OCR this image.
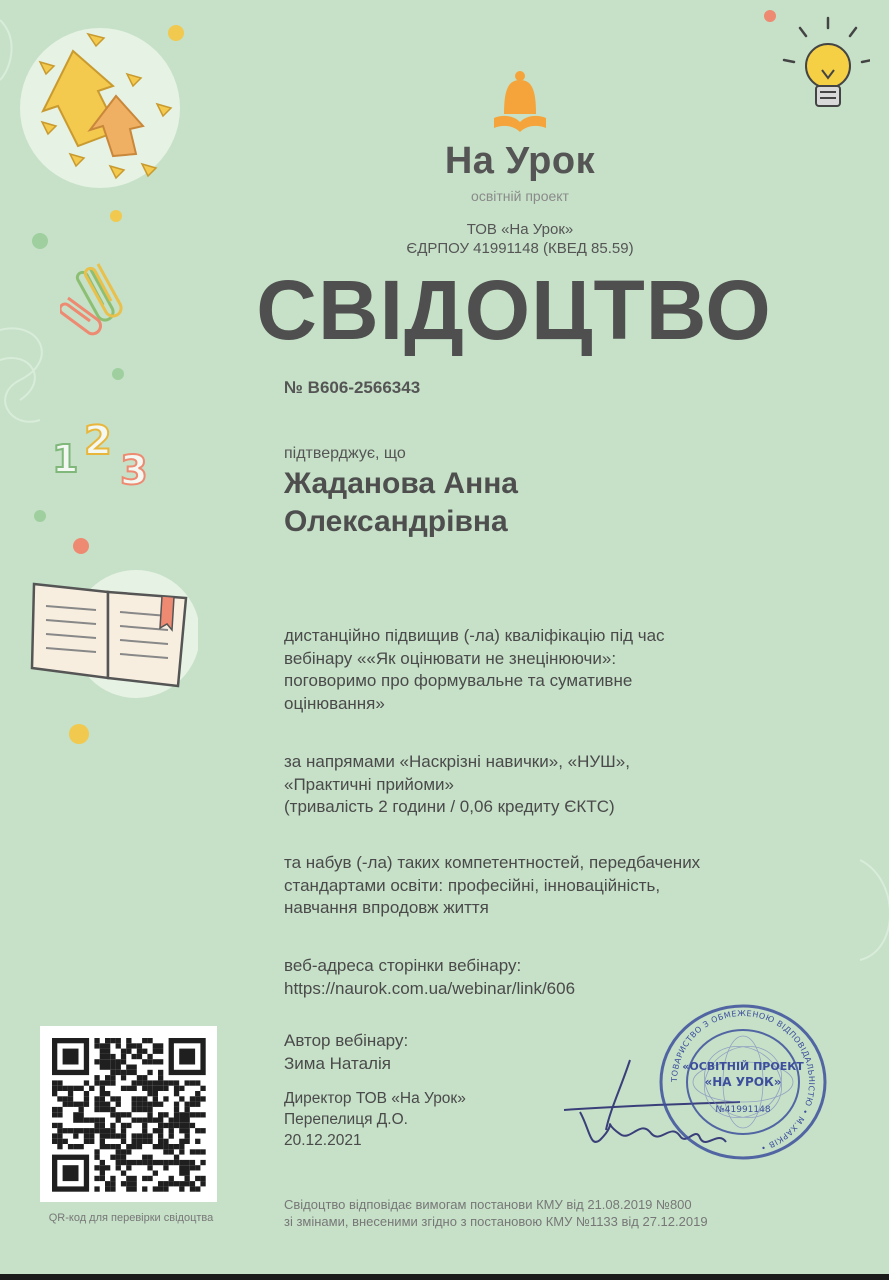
1 2
3
На Урок
освітній проект
ТОВ «На Урок»
ЄДРПОУ 41991148 (КВЕД 85.59)
СВІДОЦТВО
№ В606-2566343
підтверджує, що
Жаданова Анна
Олександрівна
дистанційно підвищив (-ла) кваліфікацію під час
вебінару ««Як оцінювати не знецінюючи»:
поговоримо про формувальне та сумативне
оцінювання»
за напрямами «Наскрізні навички», «НУШ»,
«Практичні прийоми»
(тривалість 2 години / 0,06 кредиту ЄКТС)
та набув (-ла) таких компетентностей, передбачених
стандартами освіти: професійні, інноваційність,
навчання впродовж життя
веб-адреса сторінки вебінару:
https://naurok.com.ua/webinar/link/606
Автор вебінару:
Зима Наталія
Директор ТОВ «На Урок»
Перепелиця Д.О.
20.12.2021
ТОВАРИСТВО З ОБМЕЖЕНОЮ ВІДПОВІДАЛЬНІСТЮ • М.ХАРКІВ •
«ОСВІТНІЙ ПРОЕКТ
«НА УРОК»
№41991148
QR-код для перевірки свідоцтва
Свідоцтво відповідає вимогам постанови КМУ від 21.08.2019 №800
зі змінами, внесеними згідно з постановою КМУ №1133 від 27.12.2019
